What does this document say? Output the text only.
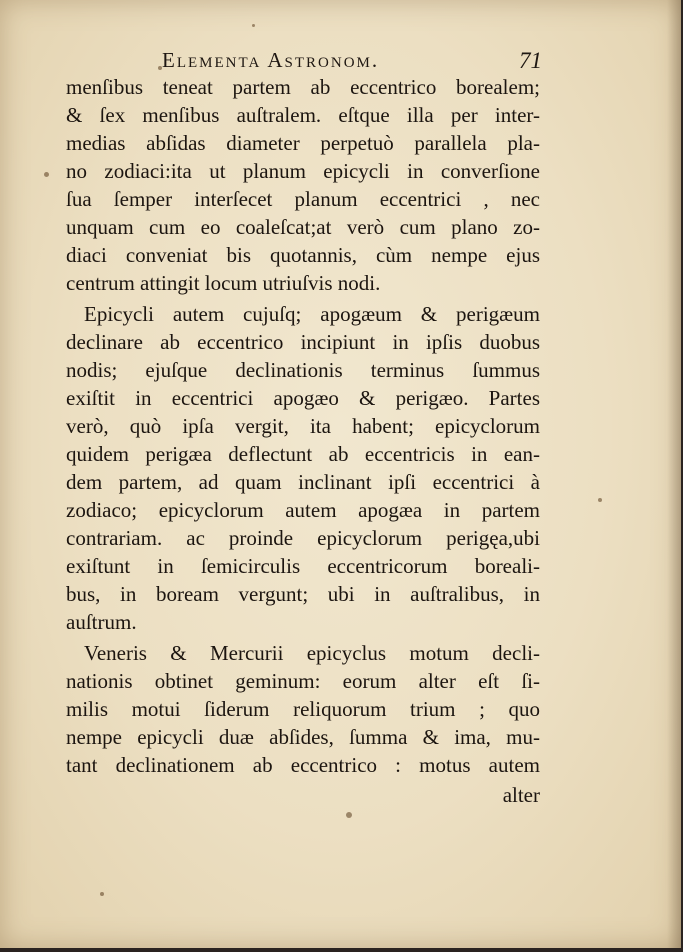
Elementa Astronom.	71
menſibus teneat partem ab eccentrico borealem;
& ſex menſibus auſtralem. eſtque illa per inter-
medias abſidas diameter perpetuò parallela pla-
no zodiaci:ita ut planum epicycli in converſione
ſua ſemper interſecet planum eccentrici , nec
unquam cum eo coaleſcat;at verò cum plano zo-
diaci conveniat bis quotannis, cùm nempe ejus
centrum attingit locum utriuſvis nodi.
Epicycli autem cujuſq; apogæum & perigæum
declinare ab eccentrico incipiunt in ipſis duobus
nodis; ejuſque declinationis terminus ſummus
exiſtit in eccentrici apogæo & perigæo. Partes
verò, quò ipſa vergit, ita habent; epicyclorum
quidem perigæa deflectunt ab eccentricis in ean-
dem partem, ad quam inclinant ipſi eccentrici à
zodiaco; epicyclorum autem apogæa in partem
contrariam. ac proinde epicyclorum perigęa,ubi
exiſtunt in ſemicirculis eccentricorum boreali-
bus, in boream vergunt; ubi in auſtralibus, in
auſtrum.
Veneris & Mercurii epicyclus motum decli-
nationis obtinet geminum: eorum alter eſt ſi-
milis motui ſiderum reliquorum trium ; quo
nempe epicycli duæ abſides, ſumma & ima, mu-
tant declinationem ab eccentrico : motus autem
alter
